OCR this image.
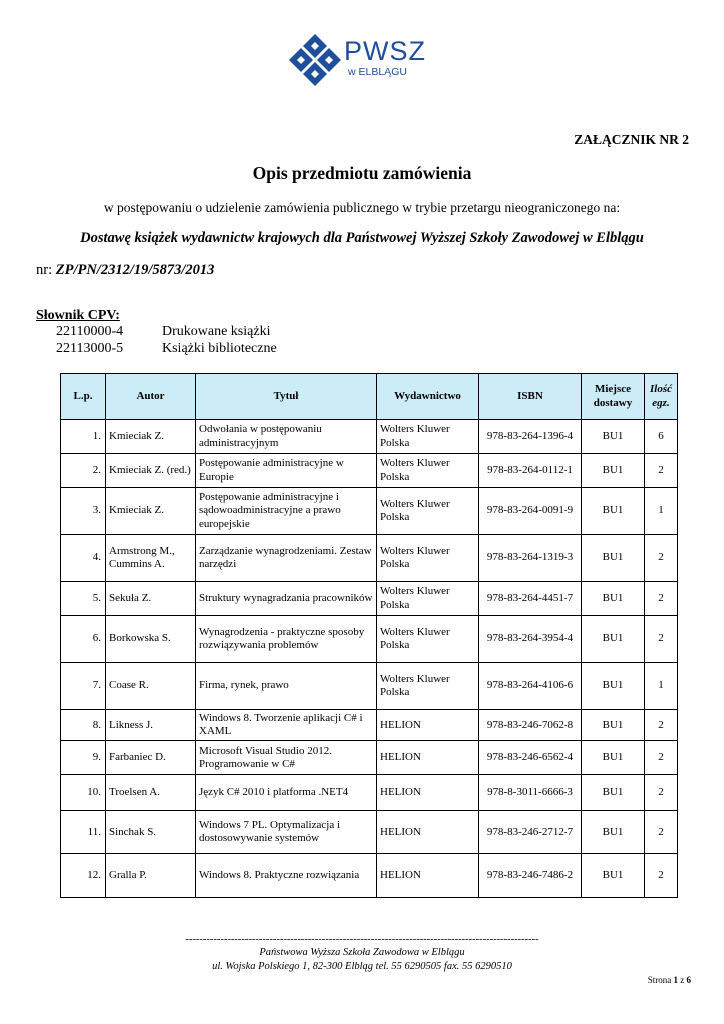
PWSZ
w ELBLĄGU
ZAŁĄCZNIK NR 2
Opis przedmiotu zamówienia
w postępowaniu o udzielenie zamówienia publicznego w trybie przetargu nieograniczonego na:
Dostawę książek wydawnictw krajowych dla Państwowej Wyższej Szkoły Zawodowej w Elblągu
nr: ZP/PN/2312/19/5873/2013
Słownik CPV:
22110000-4	Drukowane książki
22113000-5	Książki biblioteczne
L.p.	Autor	Tytuł	Wydawnictwo	ISBN	Miejsce dostawy	Ilość egz.
1.	Kmieciak Z.	Odwołania w postępowaniu administracyjnym	Wolters Kluwer Polska	978-83-264-1396-4	BU1	6
2.	Kmieciak Z. (red.)	Postępowanie administracyjne w Europie	Wolters Kluwer Polska	978-83-264-0112-1	BU1	2
3.	Kmieciak Z.	Postępowanie administracyjne i sądowoadministracyjne a prawo europejskie	Wolters Kluwer Polska	978-83-264-0091-9	BU1	1
4.	Armstrong M., Cummins A.	Zarządzanie wynagrodzeniami. Zestaw narzędzi	Wolters Kluwer Polska	978-83-264-1319-3	BU1	2
5.	Sekuła Z.	Struktury wynagradzania pracowników	Wolters Kluwer Polska	978-83-264-4451-7	BU1	2
6.	Borkowska S.	Wynagrodzenia - praktyczne sposoby rozwiązywania problemów	Wolters Kluwer Polska	978-83-264-3954-4	BU1	2
7.	Coase R.	Firma, rynek, prawo	Wolters Kluwer Polska	978-83-264-4106-6	BU1	1
8.	Likness J.	Windows 8. Tworzenie aplikacji C# i XAML	HELION	978-83-246-7062-8	BU1	2
9.	Farbaniec D.	Microsoft Visual Studio 2012. Programowanie w C#	HELION	978-83-246-6562-4	BU1	2
10.	Troelsen A.	Język C# 2010 i platforma .NET4	HELION	978-8-3011-6666-3	BU1	2
11.	Sinchak S.	Windows 7 PL. Optymalizacja i dostosowywanie systemów	HELION	978-83-246-2712-7	BU1	2
12.	Gralla P.	Windows 8. Praktyczne rozwiązania	HELION	978-83-246-7486-2	BU1	2
-----------------------------------------------------------------------------------------------------
Państwowa Wyższa Szkoła Zawodowa w Elblągu
ul. Wojska Polskiego 1, 82-300 Elbląg tel. 55 6290505 fax. 55 6290510
Strona 1 z 6
